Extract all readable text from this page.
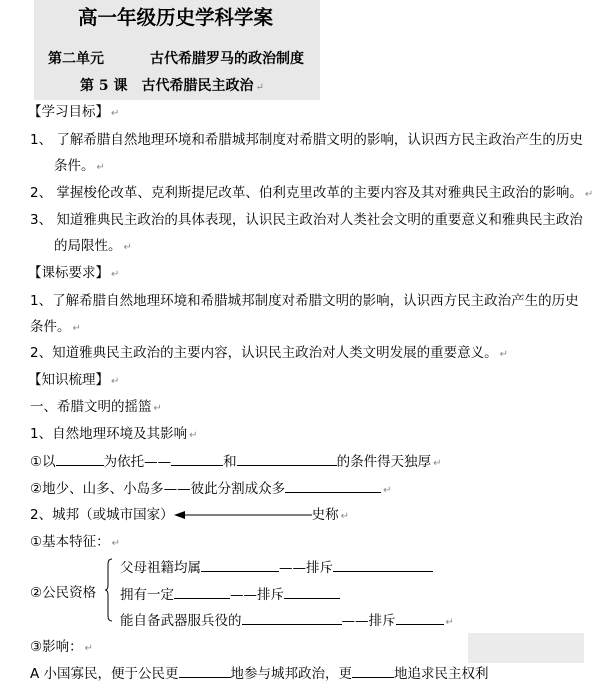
高一年级历史学科学案
第二单元	古代希腊罗马的政治制度
第 5 课 古代希腊民主政治 ↵
【学习目标】 ↵
1、 了解希腊自然地理环境和希腊城邦制度对希腊文明的影响，认识西方民主政治产生的历史
条件。 ↵
2、 掌握梭伦改革、克利斯提尼改革、伯利克里改革的主要内容及其对雅典民主政治的影响。 ↵
3、 知道雅典民主政治的具体表现，认识民主政治对人类社会文明的重要意义和雅典民主政治
的局限性。 ↵
【课标要求】 ↵
1、了解希腊自然地理环境和希腊城邦制度对希腊文明的影响，认识西方民主政治产生的历史
条件。 ↵
2、知道雅典民主政治的主要内容，认识民主政治对人类文明发展的重要意义。 ↵
【知识梳理】 ↵
一、希腊文明的摇篮 ↵
1、自然地理环境及其影响 ↵
①以	为依托——	和	的条件得天独厚 ↵
②地少、山多、小岛多——彼此分割成众多	↵
2、城邦（或城市国家）	史称 ↵
①基本特征： ↵
②公民资格
父母祖籍均属	——排斥
拥有一定	——排斥
能自备武器服兵役的	——排斥	↵
③影响： ↵
A 小国寡民，便于公民更	地参与城邦政治，更	地追求民主权利
